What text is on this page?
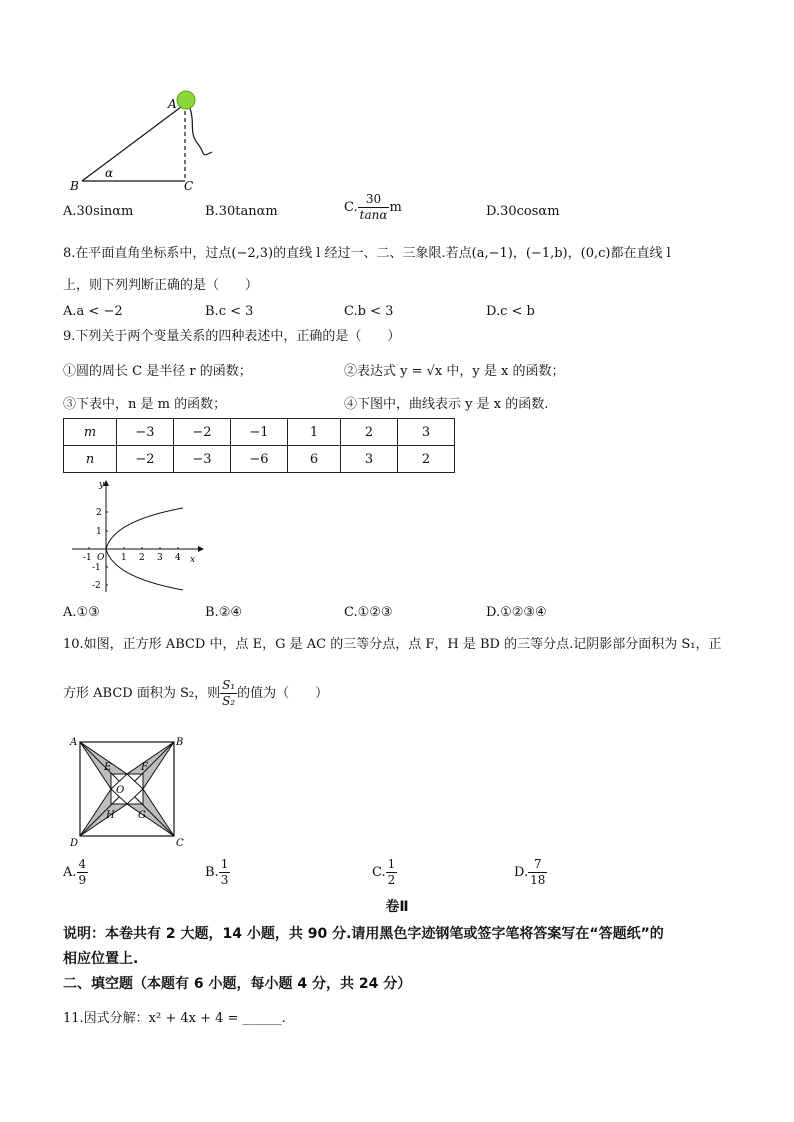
A
B	C
α
A.30sinαm	B.30tanαm	C. $\frac{30}{\tan\alpha}$ m	D.30cosαm
8.在平面直角坐标系中，过点(−2,3)的直线 l 经过一、二、三象限.若点(a,−1)，(−1,b)，(0,c)都在直线 l
上，则下列判断正确的是（　　）
A.a < −2	B.c < 3	C.b < 3	D.c < b
9.下列关于两个变量关系的四种表述中，正确的是（　　）
①圆的周长 C 是半径 r 的函数；	②表达式 y = √x 中，y 是 x 的函数；
③下表中，n 是 m 的函数；	④下图中，曲线表示 y 是 x 的函数.
m	−3	−2	−1	1	2	3
n	−2	−3	−6	6	3	2
y
x
O
-1	1 2 3 4
2
1
-1
-2
A.①③	B.②④	C.①②③	D.①②③④
10.如图，正方形 ABCD 中，点 E，G 是 AC 的三等分点，点 F，H 是 BD 的三等分点.记阴影部分面积为 S₁，正
方形 ABCD 面积为 S₂，则 $\frac{\text{S₁}}{\text{S₂}}$ 的值为（　　）
A	B
C
D
E	F
G
H
O
A. $\frac{4}{9}$	B. $\frac{1}{3}$	C. $\frac{1}{2}$	D. $\frac{7}{18}$
卷Ⅱ
说明：本卷共有 2 大题，14 小题，共 90 分.请用黑色字迹钢笔或签字笔将答案写在“答题纸”的
相应位置上.
二、填空题（本题有 6 小题，每小题 4 分，共 24 分）
11.因式分解：x² + 4x + 4 = ______.
